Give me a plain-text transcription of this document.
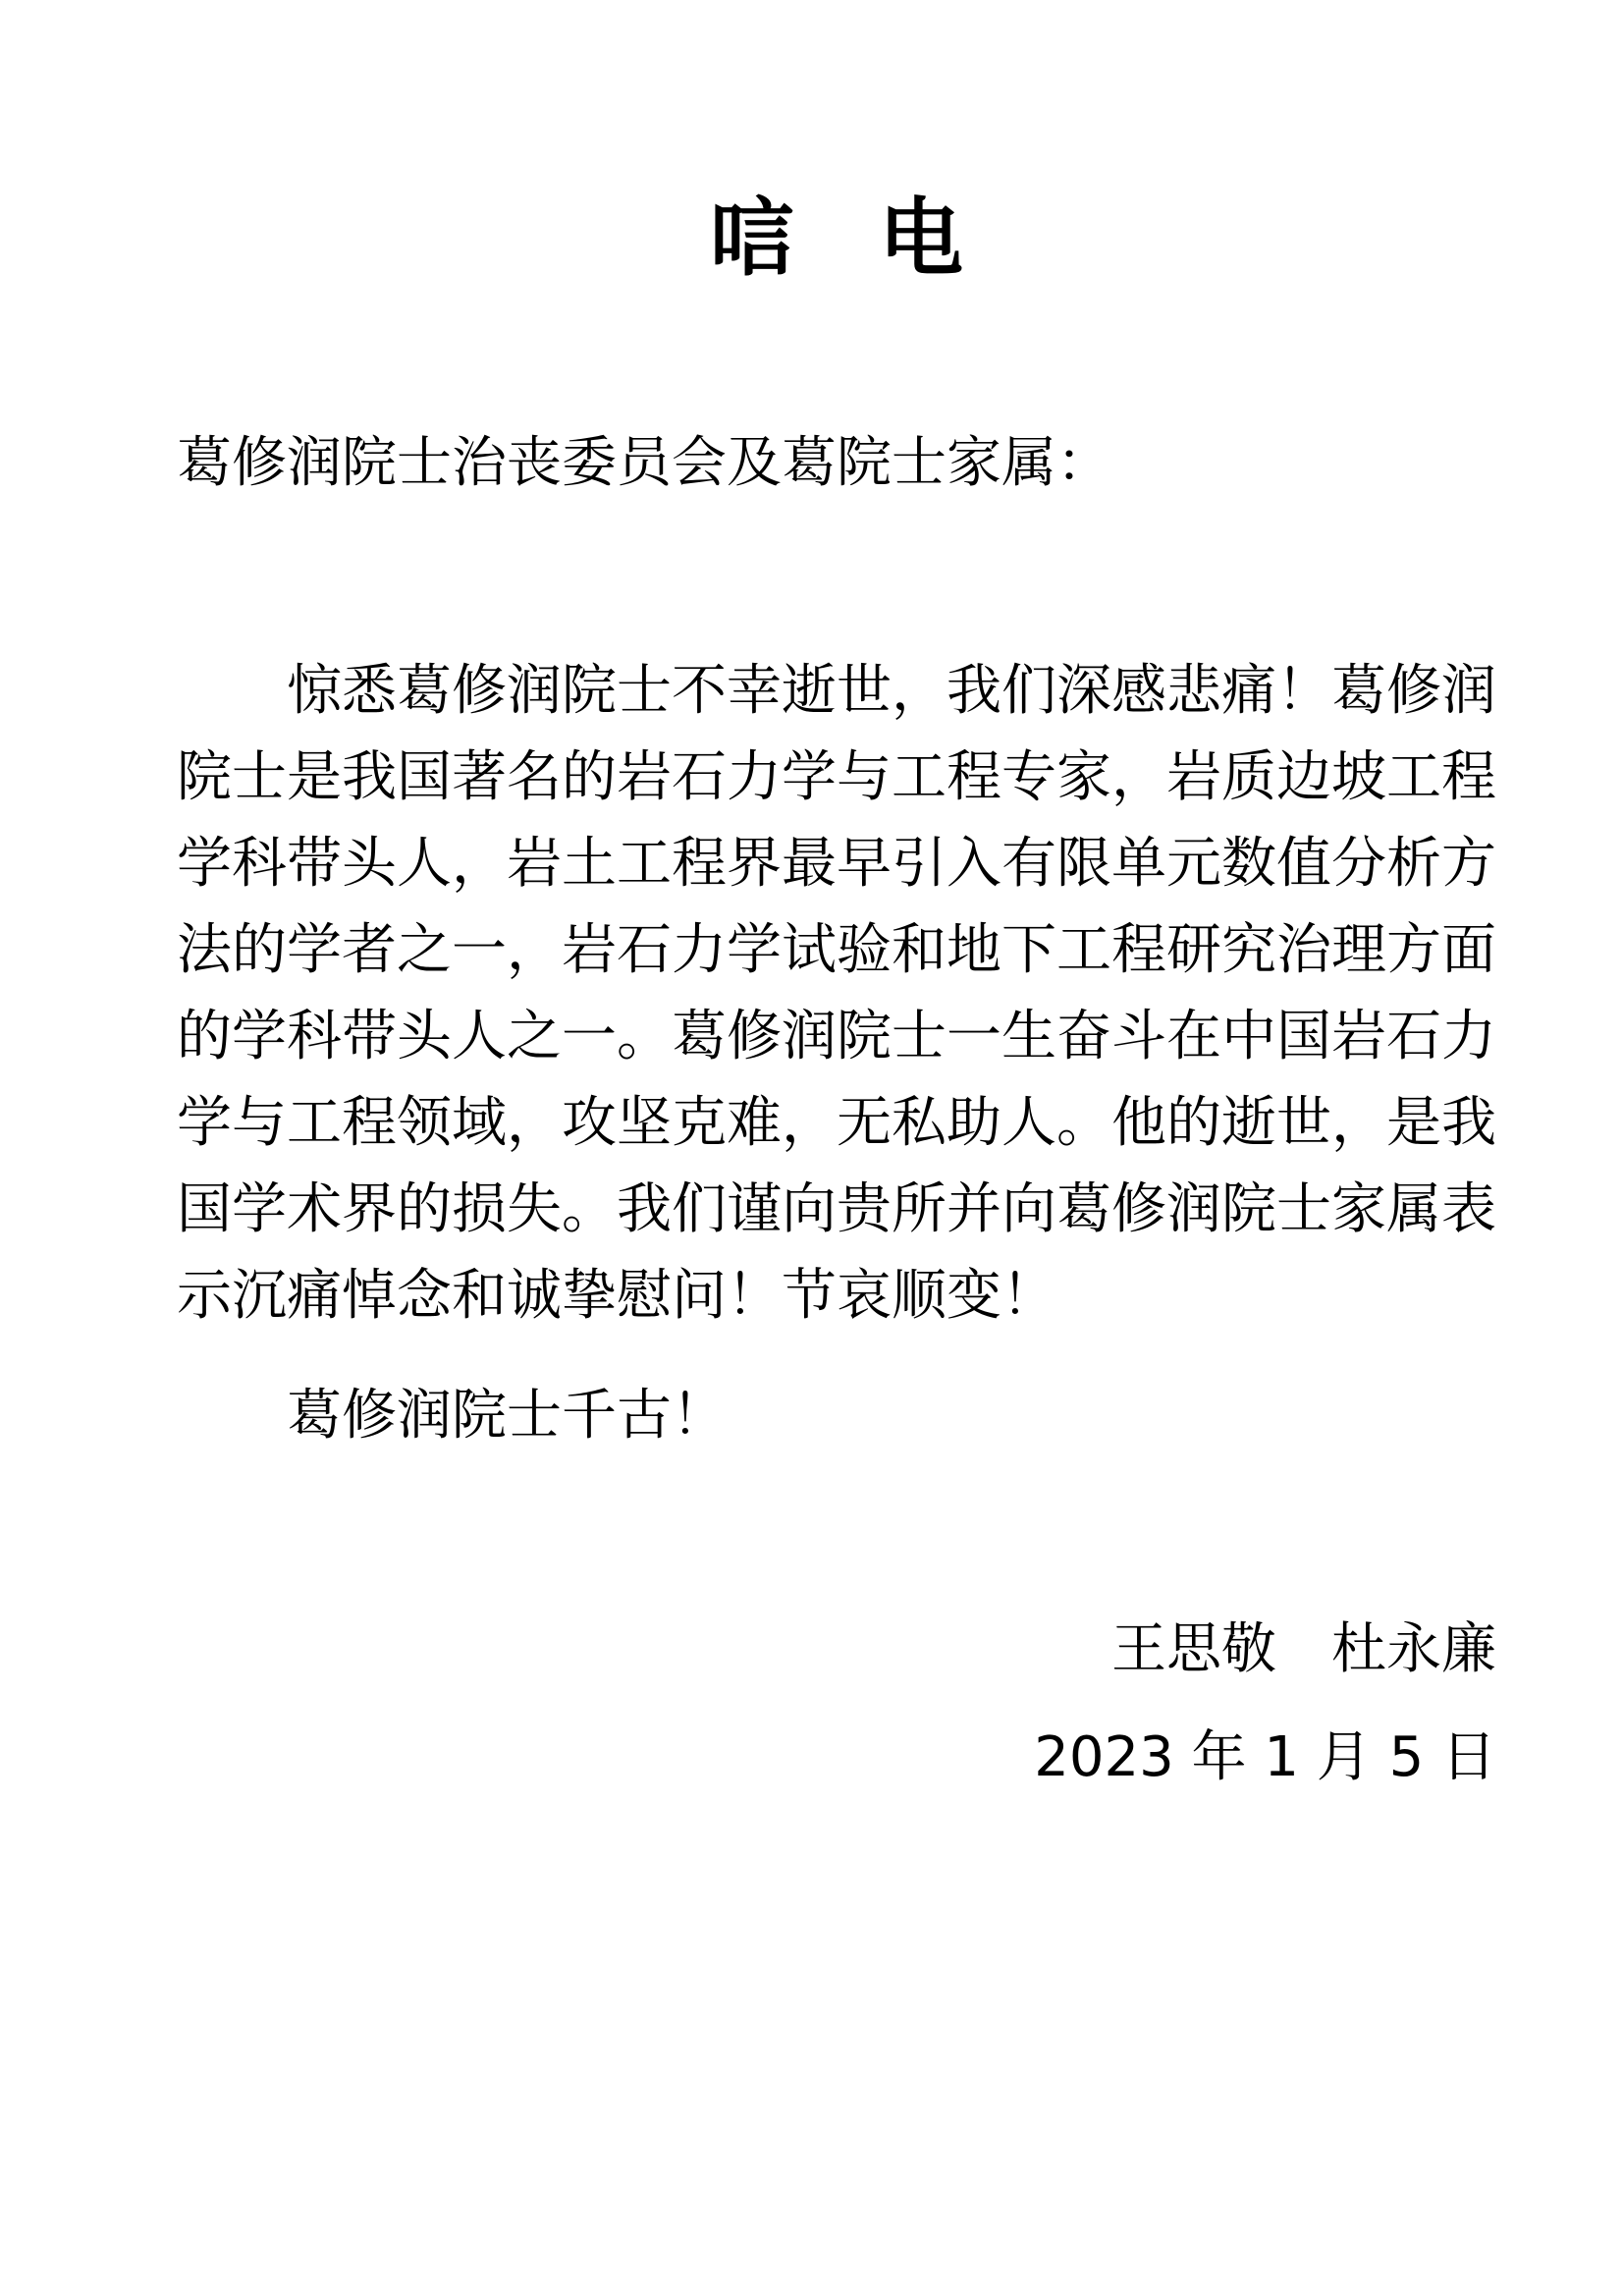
唁　电
葛修润院士治丧委员会及葛院士家属：
惊悉葛修润院士不幸逝世，我们深感悲痛！葛修润院士是我国著名的岩石力学与工程专家，岩质边坡工程学科带头人，岩土工程界最早引入有限单元数值分析方法的学者之一，岩石力学试验和地下工程研究治理方面的学科带头人之一。葛修润院士一生奋斗在中国岩石力学与工程领域，攻坚克难，无私助人。他的逝世，是我国学术界的损失。我们谨向贵所并向葛修润院士家属表示沉痛悼念和诚挚慰问！节哀顺变！
葛修润院士千古！
王思敬　杜永廉
2023 年 1 月 5 日
